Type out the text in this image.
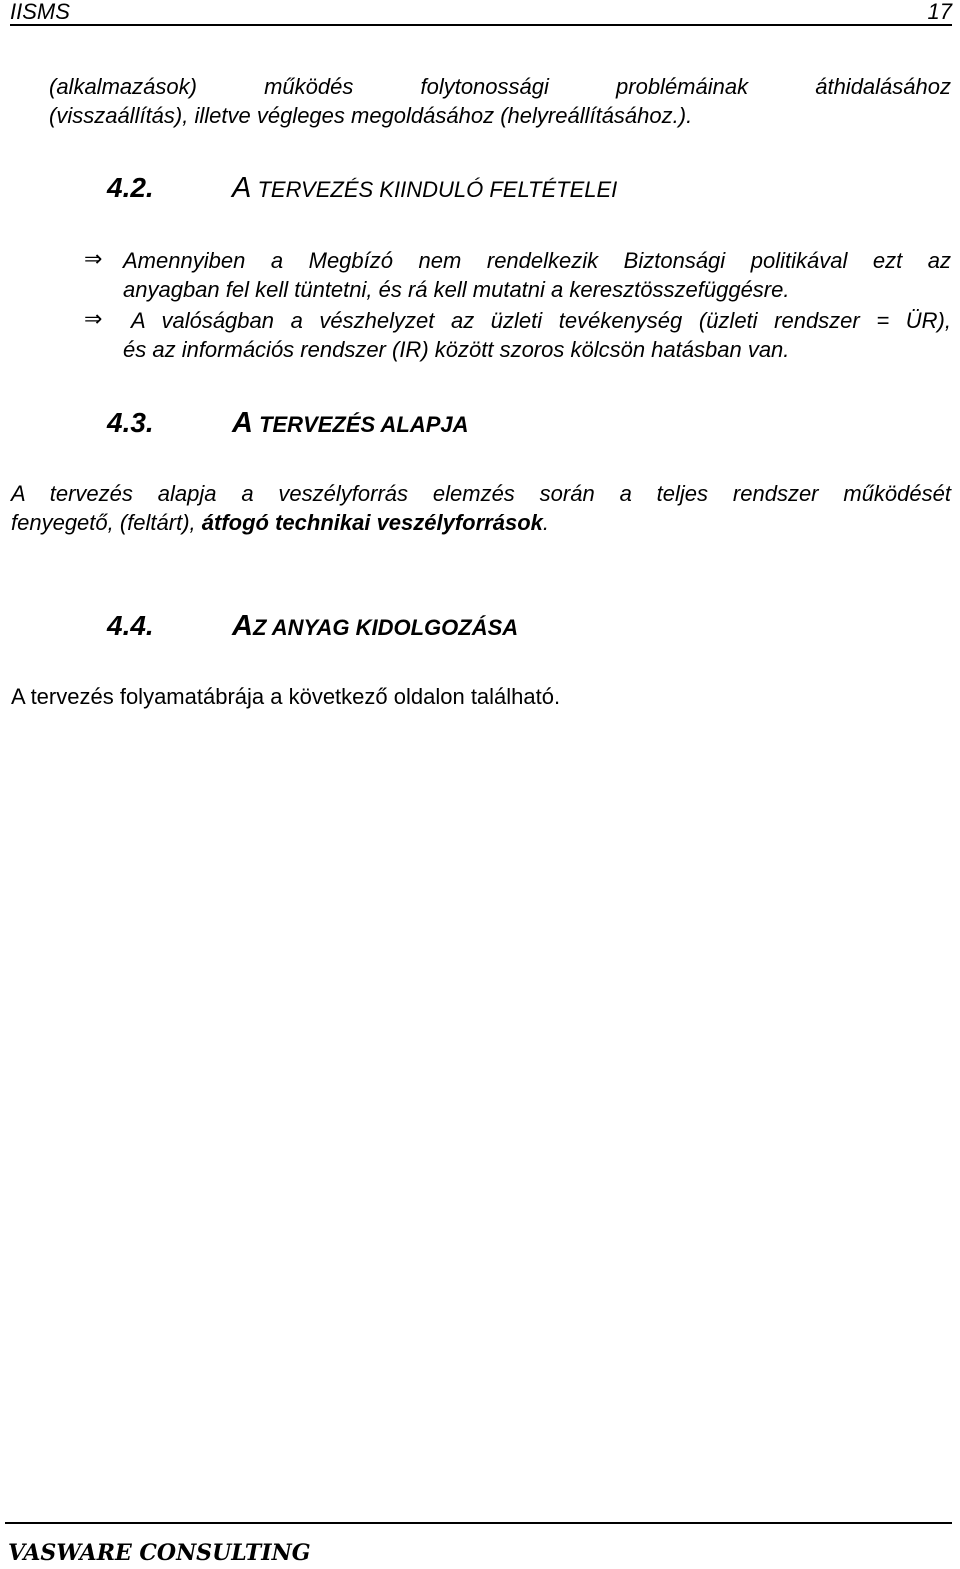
IISMS	17
(alkalmazások) működés folytonossági problémáinak áthidalásához
(visszaállítás), illetve végleges megoldásához (helyreállításához.).
4.2.	A TERVEZÉS KIINDULÓ FELTÉTELEI
⇒ Amennyiben a Megbízó nem rendelkezik Biztonsági politikával ezt az
anyagban fel kell tüntetni, és rá kell mutatni a keresztösszefüggésre.
⇒	A valóságban a vészhelyzet az üzleti tevékenység (üzleti rendszer = ÜR),
és az információs rendszer (IR) között szoros kölcsön hatásban van.
4.3.	A TERVEZÉS ALAPJA
A tervezés alapja a veszélyforrás elemzés során a teljes rendszer működését
fenyegető, (feltárt), átfogó technikai veszélyforrások.
4.4.	AZ ANYAG KIDOLGOZÁSA
A tervezés folyamatábrája a következő oldalon található.
VASWARE CONSULTING
